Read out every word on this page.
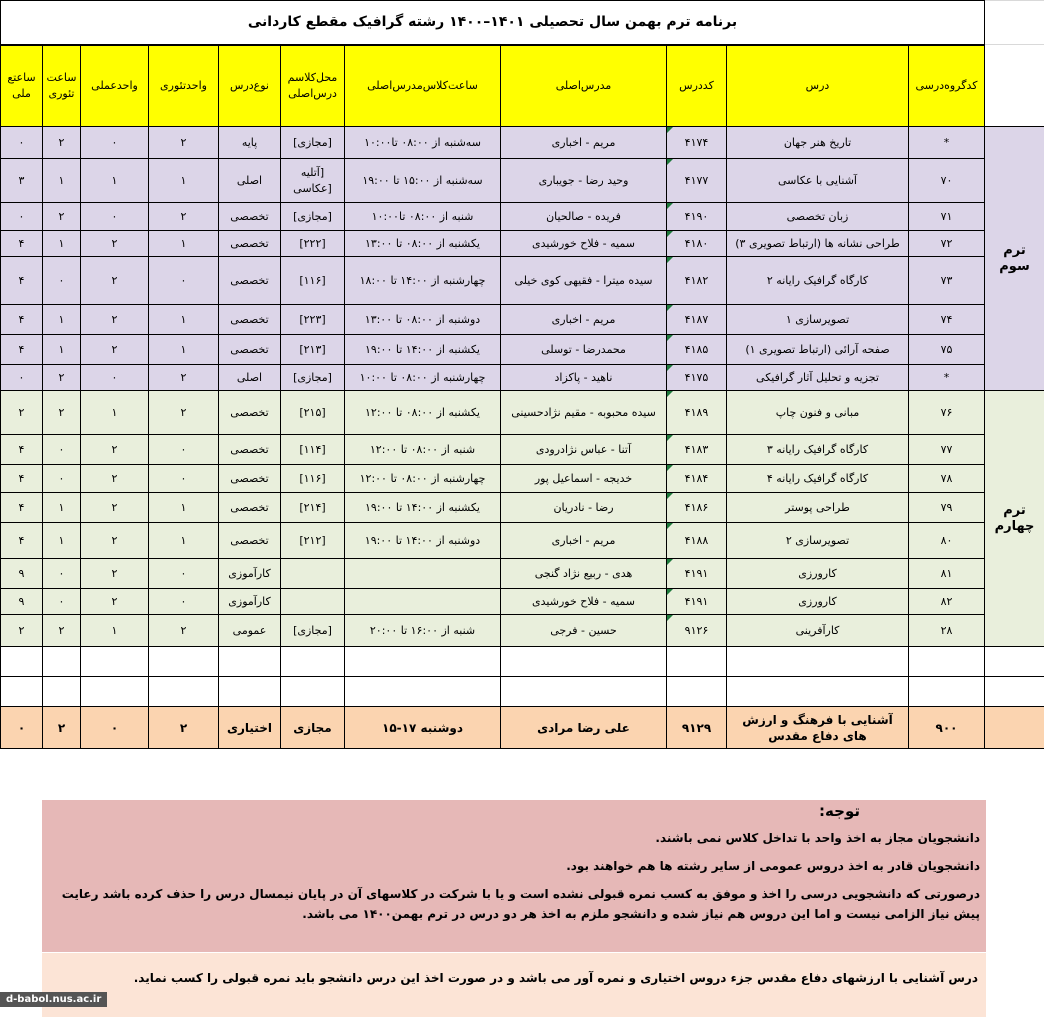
برنامه ترم بهمن سال تحصیلی ۱۴۰۱–۱۴۰۰ رشته گرافیک مقطع کاردانی											
ساعتع ملی	ساعت تئوری	واحدعملی	واحدتئوری	نوع‌درس	محل‌کلاسم درس‌اصلی	ساعت‌کلاس‌مدرس‌اصلی	مدرس‌اصلی	کددرس	درس	کدگروه‌درسی	
۰	۲	۰	۲	پایه	[مجازی]	سه‌شنبه از ۰۸:۰۰ تا۱۰:۰۰	مریم - اخباری	۴۱۷۴	تاریخ هنر جهان	*	ترم سوم
۳	۱	۱	۱	اصلی	[آتلیه [عکاسی	سه‌شنبه از ۱۵:۰۰ تا ۱۹:۰۰	وحید رضا - جویباری	۴۱۷۷	آشنایی با عکاسی	۷۰	
۰	۲	۰	۲	تخصصی	[مجازی]	شنبه از ۰۸:۰۰ تا۱۰:۰۰	فریده - صالحیان	۴۱۹۰	زبان تخصصی	۷۱	
۴	۱	۲	۱	تخصصی	[۲۲۲]	یکشنبه از ۰۸:۰۰ تا ۱۳:۰۰	سمیه - فلاح خورشیدی	۴۱۸۰	طراحی نشانه ها (ارتباط تصویری ۳)	۷۲	
۴	۰	۲	۰	تخصصی	[۱۱۶]	چهارشنبه از ۱۴:۰۰ تا ۱۸:۰۰	سیده میترا - فقیهی کوی خیلی	۴۱۸۲	کارگاه گرافیک رایانه ۲	۷۳	
۴	۱	۲	۱	تخصصی	[۲۲۳]	دوشنبه از ۰۸:۰۰ تا ۱۳:۰۰	مریم - اخباری	۴۱۸۷	تصویرسازی ۱	۷۴	
۴	۱	۲	۱	تخصصی	[۲۱۳]	یکشنبه از ۱۴:۰۰ تا ۱۹:۰۰	محمدرضا - توسلی	۴۱۸۵	صفحه آرائی (ارتباط تصویری ۱)	۷۵	
۰	۲	۰	۲	اصلی	[مجازی]	چهارشنبه از ۰۸:۰۰ تا ۱۰:۰۰	ناهید - پاکزاد	۴۱۷۵	تجزیه و تحلیل آثار گرافیکی	*	
۲	۲	۱	۲	تخصصی	[۲۱۵]	یکشنبه از ۰۸:۰۰ تا ۱۲:۰۰	سیده محبوبه - مقیم نژادحسینی	۴۱۸۹	مبانی و فنون چاپ	۷۶	ترم چهارم
۴	۰	۲	۰	تخصصی	[۱۱۴]	شنبه از ۰۸:۰۰ تا ۱۲:۰۰	آتنا - عباس نژادرودی	۴۱۸۳	کارگاه گرافیک رایانه ۳	۷۷	
۴	۰	۲	۰	تخصصی	[۱۱۶]	چهارشنبه از ۰۸:۰۰ تا ۱۲:۰۰	خدیجه - اسماعیل پور	۴۱۸۴	کارگاه گرافیک رایانه ۴	۷۸	
۴	۱	۲	۱	تخصصی	[۲۱۴]	یکشنبه از ۱۴:۰۰ تا ۱۹:۰۰	رضا - نادریان	۴۱۸۶	طراحی پوستر	۷۹	
۴	۱	۲	۱	تخصصی	[۲۱۲]	دوشنبه از ۱۴:۰۰ تا ۱۹:۰۰	مریم - اخباری	۴۱۸۸	تصویرسازی ۲	۸۰	
۹	۰	۲	۰	کارآموزی			هدی - ربیع نژاد گنجی	۴۱۹۱	کارورزی	۸۱	
۹	۰	۲	۰	کارآموزی			سمیه - فلاح خورشیدی	۴۱۹۱	کارورزی	۸۲	
۲	۲	۱	۲	عمومی	[مجازی]	شنبه از ۱۶:۰۰ تا ۲۰:۰۰	حسین - فرجی	۹۱۲۶	کارآفرینی	۲۸	

۰	۲	۰	۲	اختیاری	مجازی	دوشنبه ۱۷-۱۵	علی رضا مرادی	۹۱۲۹	آشنایی با فرهنگ و ارزش های دفاع مقدس	۹۰۰	
توجه:

دانشجویان مجاز به اخذ واحد با تداخل کلاس نمی باشند.

دانشجویان قادر به اخذ دروس عمومی از سایر رشته ها هم خواهند بود.

درصورتی که دانشجویی درسی را اخذ و موفق به کسب نمره قبولی نشده است و یا با شرکت در کلاسهای آن در پایان نیمسال درس را حذف کرده باشد رعایت پیش نیاز الزامی نیست و اما این دروس هم نیاز شده و دانشجو ملزم به اخذ هر دو درس در ترم بهمن۱۴۰۰ می باشد.

درس آشنایی با ارزشهای دفاع مقدس جزء دروس اختیاری و نمره آور می باشد و در صورت اخذ این درس دانشجو باید نمره قبولی را کسب نماید.
d-babol.nus.ac.ir
